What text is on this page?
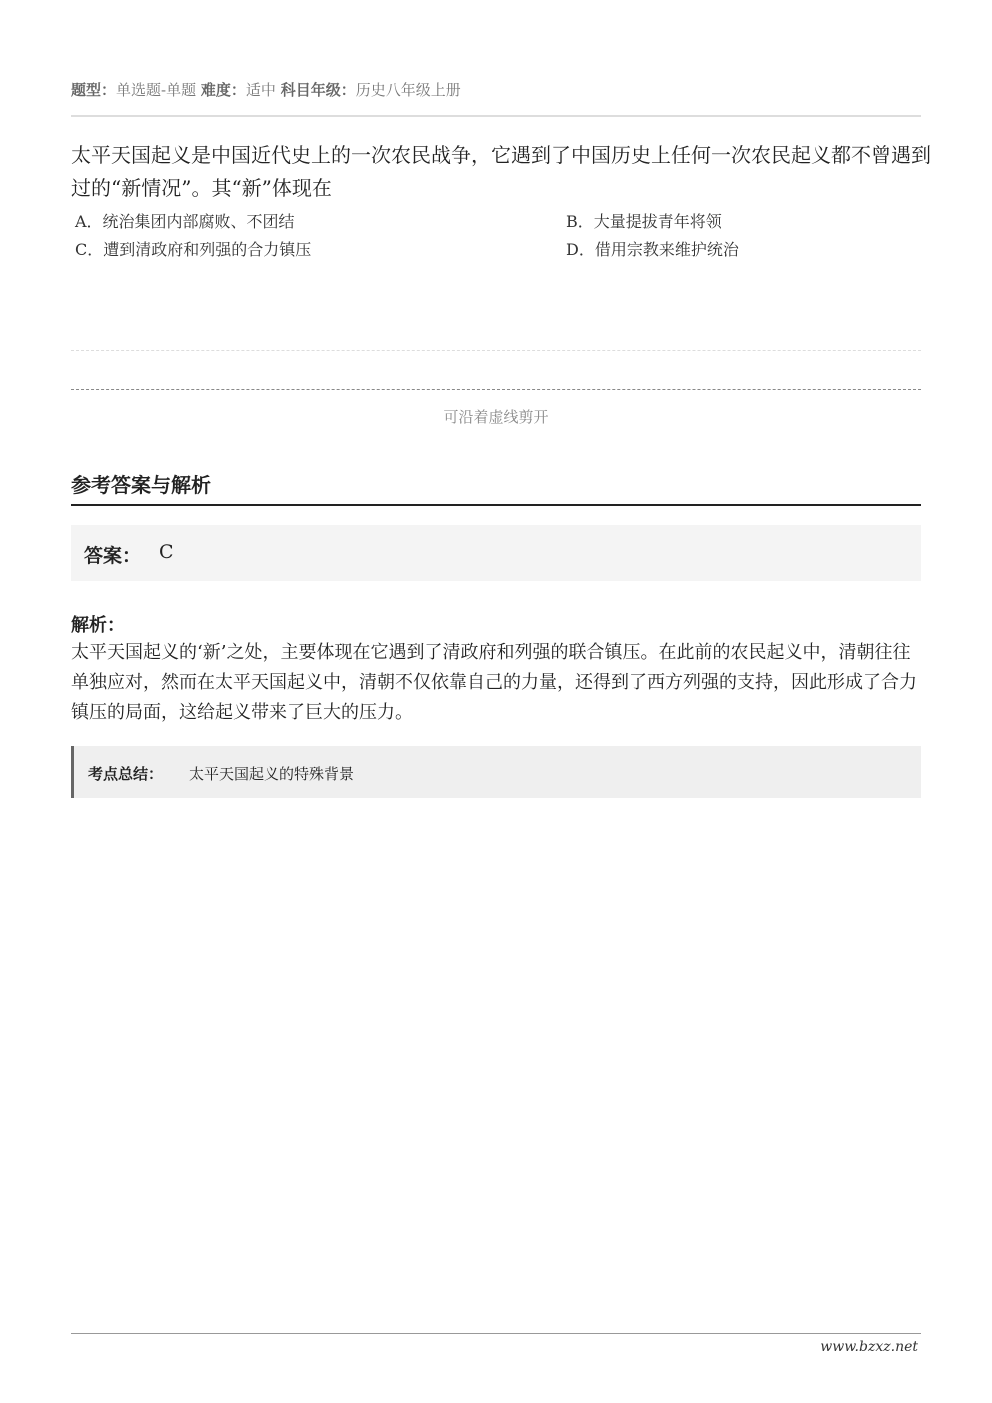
题型：单选题-单题 难度：适中 科目年级：历史八年级上册
太平天国起义是中国近代史上的一次农民战争，它遇到了中国历史上任何一次农民起义都不曾遇到过的“新情况”。其“新”体现在
A．统治集团内部腐败、不团结	B．大量提拔青年将领
C．遭到清政府和列强的合力镇压	D．借用宗教来维护统治
可沿着虚线剪开
参考答案与解析
答案： C
解析：
太平天国起义的‘新’之处，主要体现在它遇到了清政府和列强的联合镇压。在此前的农民起义中，清朝往往单独应对，然而在太平天国起义中，清朝不仅依靠自己的力量，还得到了西方列强的支持，因此形成了合力镇压的局面，这给起义带来了巨大的压力。
考点总结： 太平天国起义的特殊背景
www.bzxz.net
